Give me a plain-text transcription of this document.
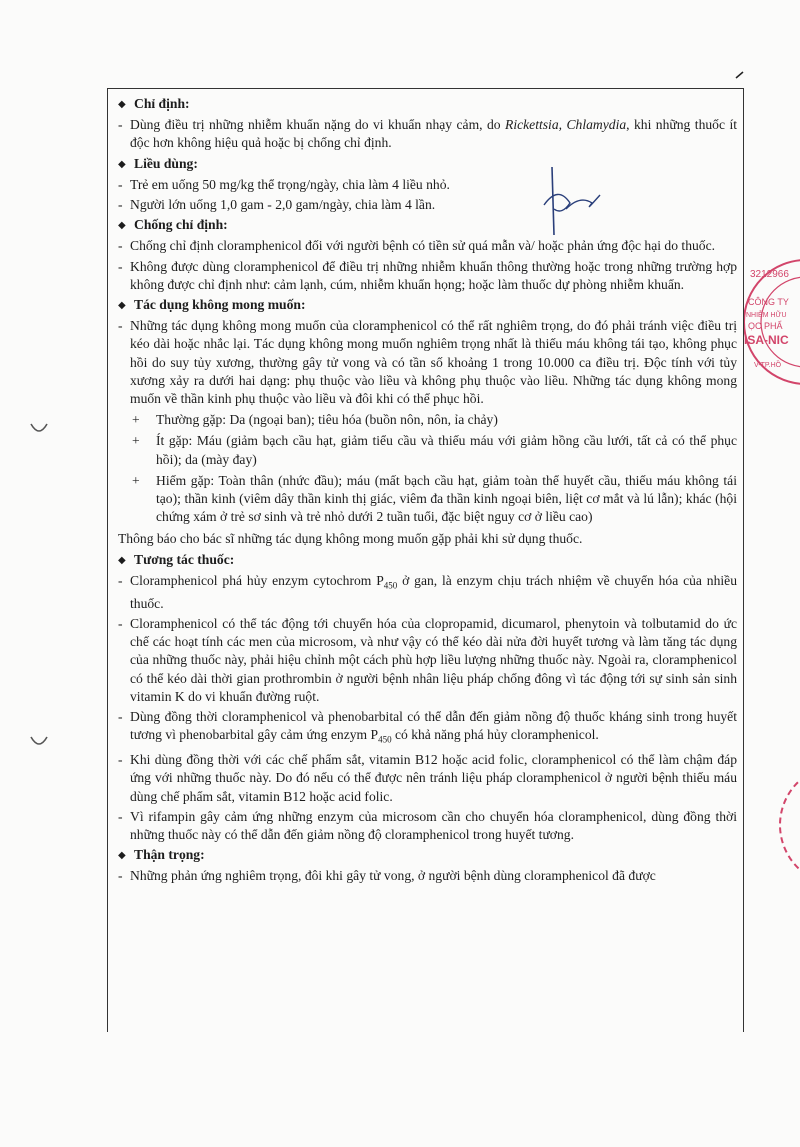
3212966
CÔNG TY
NHIỄM HỮU
ỌC PHẨ
ISA-NIC
V-TP.HỒ
◆ Chỉ định:
- Dùng điều trị những nhiễm khuẩn nặng do vi khuẩn nhạy cảm, do Rickettsia, Chlamydia, khi những thuốc ít độc hơn không hiệu quả hoặc bị chống chỉ định.
◆ Liều dùng:
- Trẻ em uống 50 mg/kg thể trọng/ngày, chia làm 4 liều nhỏ.
- Người lớn uống 1,0 gam - 2,0 gam/ngày, chia làm 4 lần.
◆ Chống chỉ định:
- Chống chỉ định cloramphenicol đối với người bệnh có tiền sử quá mẫn và/ hoặc phản ứng độc hại do thuốc.
- Không được dùng cloramphenicol để điều trị những nhiễm khuẩn thông thường hoặc trong những trường hợp không được chỉ định như: cảm lạnh, cúm, nhiễm khuẩn họng; hoặc làm thuốc dự phòng nhiễm khuẩn.
◆ Tác dụng không mong muốn:
- Những tác dụng không mong muốn của cloramphenicol có thể rất nghiêm trọng, do đó phải tránh việc điều trị kéo dài hoặc nhắc lại. Tác dụng không mong muốn nghiêm trọng nhất là thiếu máu không tái tạo, không phục hồi do suy tủy xương, thường gây tử vong và có tần số khoảng 1 trong 10.000 ca điều trị. Độc tính với tủy xương xảy ra dưới hai dạng: phụ thuộc vào liều và không phụ thuộc vào liều. Những tác dụng không mong muốn về thần kinh phụ thuộc vào liều và đôi khi có thể phục hồi.
+ Thường gặp: Da (ngoại ban); tiêu hóa (buồn nôn, nôn, ỉa chảy)
+ Ít gặp: Máu (giảm bạch cầu hạt, giảm tiểu cầu và thiếu máu với giảm hồng cầu lưới, tất cả có thể phục hồi); da (mày đay)
+ Hiếm gặp: Toàn thân (nhức đầu); máu (mất bạch cầu hạt, giảm toàn thể huyết cầu, thiếu máu không tái tạo); thần kinh (viêm dây thần kinh thị giác, viêm đa thần kinh ngoại biên, liệt cơ mắt và lú lẫn); khác (hội chứng xám ở trẻ sơ sinh và trẻ nhỏ dưới 2 tuần tuổi, đặc biệt nguy cơ ở liều cao)
Thông báo cho bác sĩ những tác dụng không mong muốn gặp phải khi sử dụng thuốc.
◆ Tương tác thuốc:
- Cloramphenicol phá hủy enzym cytochrom $P_{450}$ ở gan, là enzym chịu trách nhiệm về chuyển hóa của nhiều thuốc.
- Cloramphenicol có thể tác động tới chuyển hóa của clopropamid, dicumarol, phenytoin và tolbutamid do ức chế các hoạt tính các men của microsom, và như vậy có thể kéo dài nửa đời huyết tương và làm tăng tác dụng của những thuốc này, phải hiệu chỉnh một cách phù hợp liều lượng những thuốc này. Ngoài ra, cloramphenicol có thể kéo dài thời gian prothrombin ở người bệnh nhân liệu pháp chống đông vì tác động tới sự sinh sản sinh vitamin K do vi khuẩn đường ruột.
- Dùng đồng thời cloramphenicol và phenobarbital có thể dẫn đến giảm nồng độ thuốc kháng sinh trong huyết tương vì phenobarbital gây cảm ứng enzym $P_{450}$ có khả năng phá hủy cloramphenicol.
- Khi dùng đồng thời với các chế phẩm sắt, vitamin B12 hoặc acid folic, cloramphenicol có thể làm chậm đáp ứng với những thuốc này. Do đó nếu có thể được nên tránh liệu pháp cloramphenicol ở người bệnh thiếu máu dùng chế phẩm sắt, vitamin B12 hoặc acid folic.
- Vì rifampin gây cảm ứng những enzym của microsom cần cho chuyển hóa cloramphenicol, dùng đồng thời những thuốc này có thể dẫn đến giảm nồng độ cloramphenicol trong huyết tương.
◆ Thận trọng:
- Những phản ứng nghiêm trọng, đôi khi gây tử vong, ở người bệnh dùng cloramphenicol đã được
